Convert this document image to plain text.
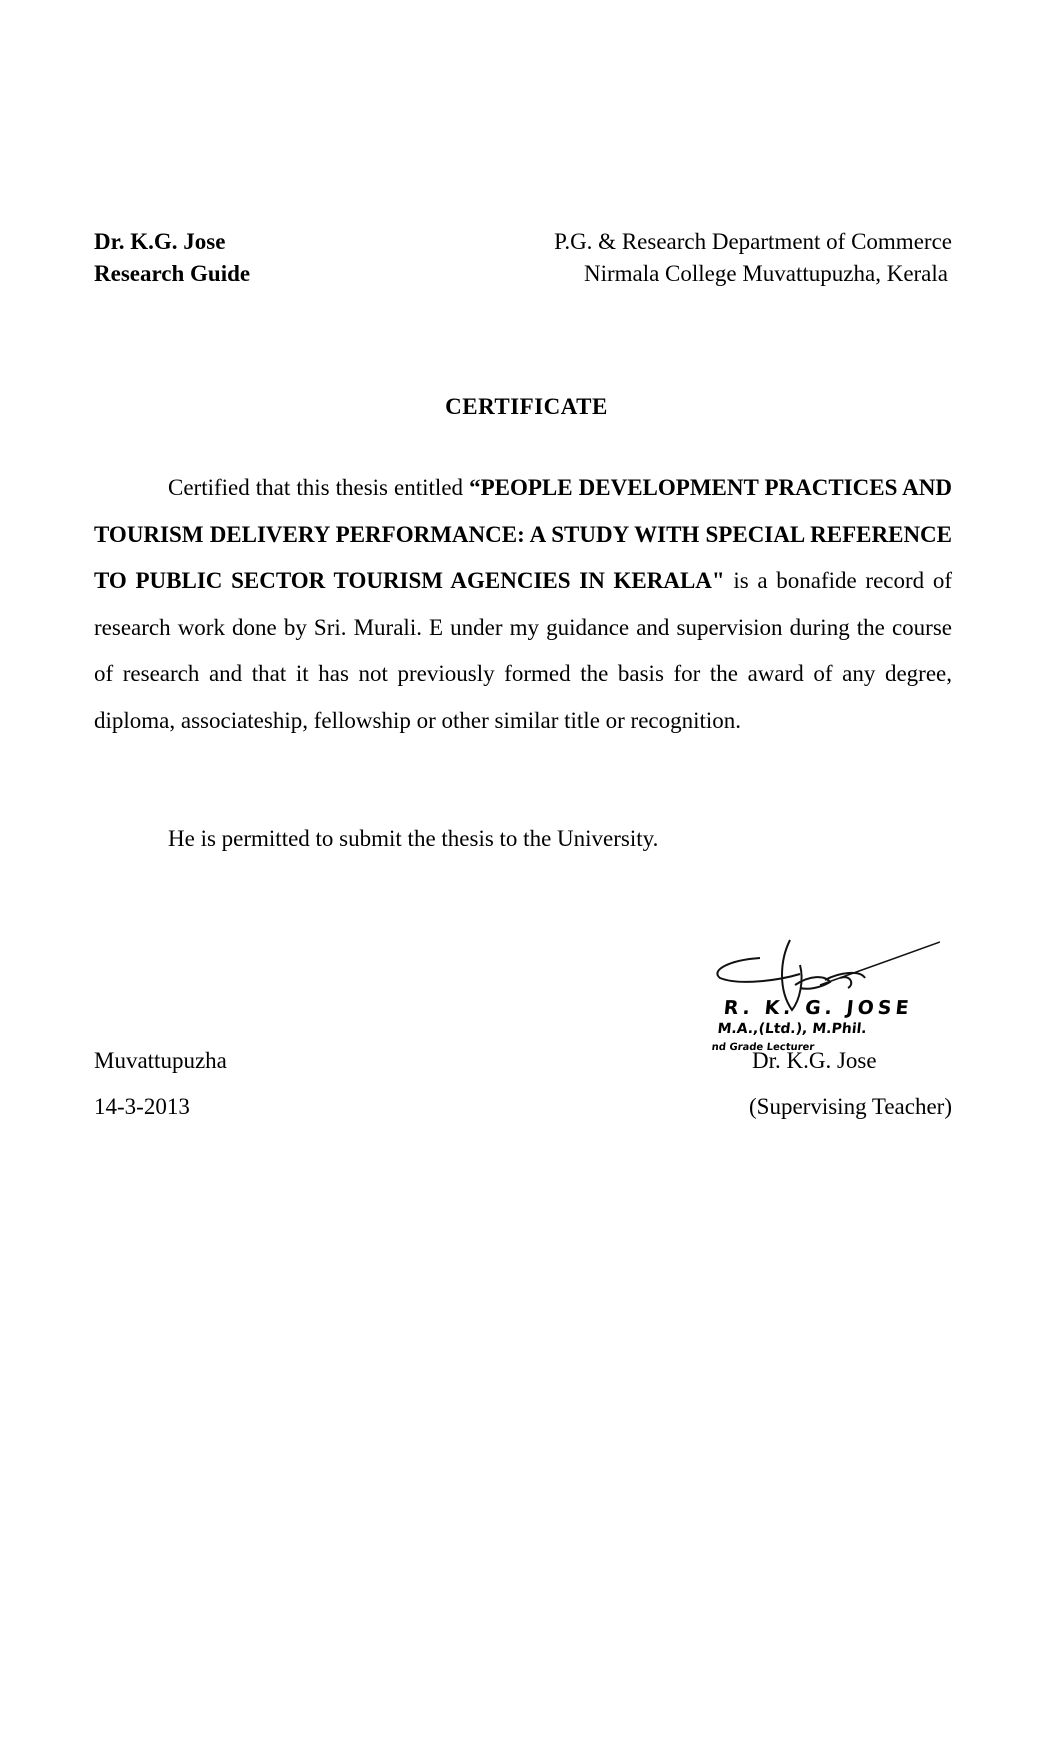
Dr. K.G. Jose
Research Guide
P.G. & Research Department of Commerce
Nirmala College Muvattupuzha, Kerala
CERTIFICATE

Certified that this thesis entitled “PEOPLE DEVELOPMENT PRACTICES AND TOURISM DELIVERY PERFORMANCE: A STUDY WITH SPECIAL REFERENCE TO PUBLIC SECTOR TOURISM AGENCIES IN KERALA" is a bonafide record of research work done by Sri. Murali. E under my guidance and supervision during the course of research and that it has not previously formed the basis for the award of any degree, diploma, associateship, fellowship or other similar title or recognition.

He is permitted to submit the thesis to the University.

R. K. G. JOSE
M.A.,(Ltd.), M.Phil.
nd Grade Lecturer
Muvattupuzha
14-3-2013
Dr. K.G. Jose
(Supervising Teacher)
